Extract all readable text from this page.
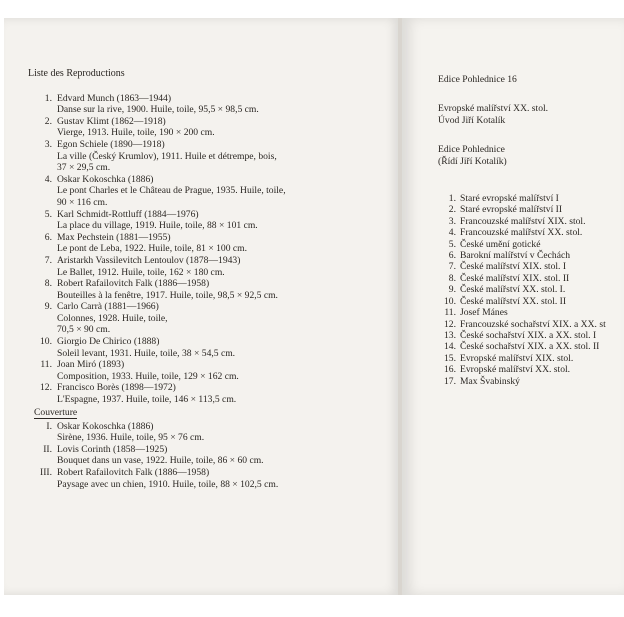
Liste des Reproductions
1. Edvard Munch (1863—1944)
Danse sur la rive, 1900. Huile, toile, 95,5 × 98,5 cm.
2. Gustav Klimt (1862—1918)
Vierge, 1913. Huile, toile, 190 × 200 cm.
3. Egon Schiele (1890—1918)
La ville (Český Krumlov), 1911. Huile et détrempe, bois,
37 × 29,5 cm.
4. Oskar Kokoschka (1886)
Le pont Charles et le Château de Prague, 1935. Huile, toile,
90 × 116 cm.
5. Karl Schmidt-Rottluff (1884—1976)
La place du village, 1919. Huile, toile, 88 × 101 cm.
6. Max Pechstein (1881—1955)
Le pont de Leba, 1922. Huile, toile, 81 × 100 cm.
7. Aristarkh Vassilevitch Lentoulov (1878—1943)
Le Ballet, 1912. Huile, toile, 162 × 180 cm.
8. Robert Rafailovitch Falk (1886—1958)
Bouteilles à la fenêtre, 1917. Huile, toile, 98,5 × 92,5 cm.
9. Carlo Carrà (1881—1966)
Colonnes, 1928. Huile, toile,
70,5 × 90 cm.
10. Giorgio De Chirico (1888)
Soleil levant, 1931. Huile, toile, 38 × 54,5 cm.
11. Joan Miró (1893)
Composition, 1933. Huile, toile, 129 × 162 cm.
12. Francisco Borès (1898—1972)
L'Espagne, 1937. Huile, toile, 146 × 113,5 cm.
Couverture
I. Oskar Kokoschka (1886)
Sirène, 1936. Huile, toile, 95 × 76 cm.
II. Lovis Corinth (1858—1925)
Bouquet dans un vase, 1922. Huile, toile, 86 × 60 cm.
III. Robert Rafailovitch Falk (1886—1958)
Paysage avec un chien, 1910. Huile, toile, 88 × 102,5 cm.
Edice Pohlednice 16
Evropské malířství XX. stol.
Úvod Jiří Kotalík
Edice Pohlednice
(Řídí Jiří Kotalík)
1. Staré evropské malířství I
2. Staré evropské malířství II
3. Francouzské malířství XIX. stol.
4. Francouzské malířství XX. stol.
5. České umění gotické
6. Barokní malířství v Čechách
7. České malířství XIX. stol. I
8. České malířství XIX. stol. II
9. České malířství XX. stol. I.
10. České malířství XX. stol. II
11. Josef Mánes
12. Francouzské sochařství XIX. a XX. st
13. České sochařství XIX. a XX. stol. I
14. České sochařství XIX. a XX. stol. II
15. Evropské malířství XIX. stol.
16. Evropské malířství XX. stol.
17. Max Švabinský
